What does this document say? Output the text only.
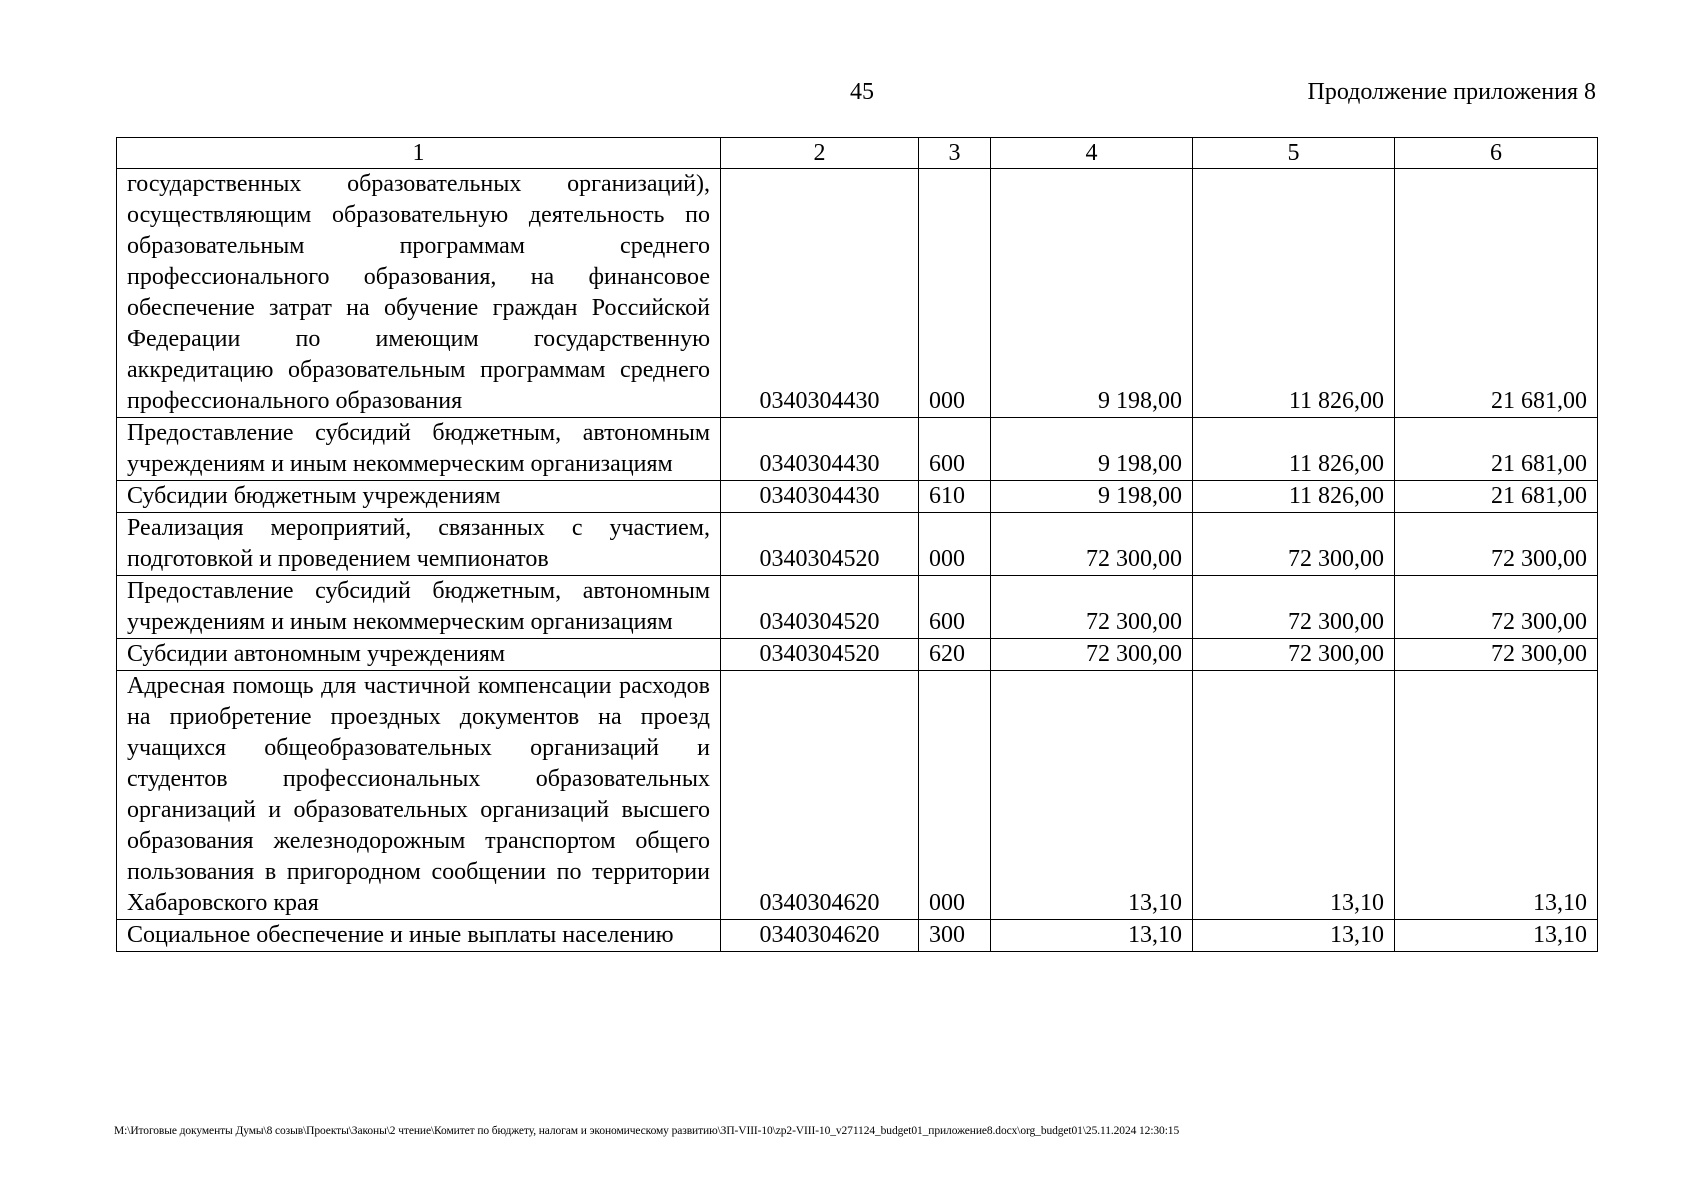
45	Продолжение приложения 8
1	2	3	4	5	6
государственных образовательных организаций), осуществляющим образовательную деятельность по образовательным программам среднего профессионального образования, на финансовое обеспечение затрат на обучение граждан Российской Федерации по имеющим государственную аккредитацию образовательным программам среднего профессионального образования	0340304430	000	9 198,00	11 826,00	21 681,00
Предоставление субсидий бюджетным, автономным учреждениям и иным некоммерческим организациям	0340304430	600	9 198,00	11 826,00	21 681,00
Субсидии бюджетным учреждениям	0340304430	610	9 198,00	11 826,00	21 681,00
Реализация мероприятий, связанных с участием, подготовкой и проведением чемпионатов	0340304520	000	72 300,00	72 300,00	72 300,00
Предоставление субсидий бюджетным, автономным учреждениям и иным некоммерческим организациям	0340304520	600	72 300,00	72 300,00	72 300,00
Субсидии автономным учреждениям	0340304520	620	72 300,00	72 300,00	72 300,00
Адресная помощь для частичной компенсации расходов на приобретение проездных документов на проезд учащихся общеобразовательных организаций и студентов профессиональных образовательных организаций и образовательных организаций высшего образования железнодорожным транспортом общего пользования в пригородном сообщении по территории Хабаровского края	0340304620	000	13,10	13,10	13,10
Социальное обеспечение и иные выплаты населению	0340304620	300	13,10	13,10	13,10
M:\Итоговые документы Думы\8 созыв\Проекты\Законы\2 чтение\Комитет по бюджету, налогам и экономическому развитию\ЗП-VIII-10\zp2-VIII-10_v271124_budget01_приложение8.docx\org_budget01\25.11.2024 12:30:15
